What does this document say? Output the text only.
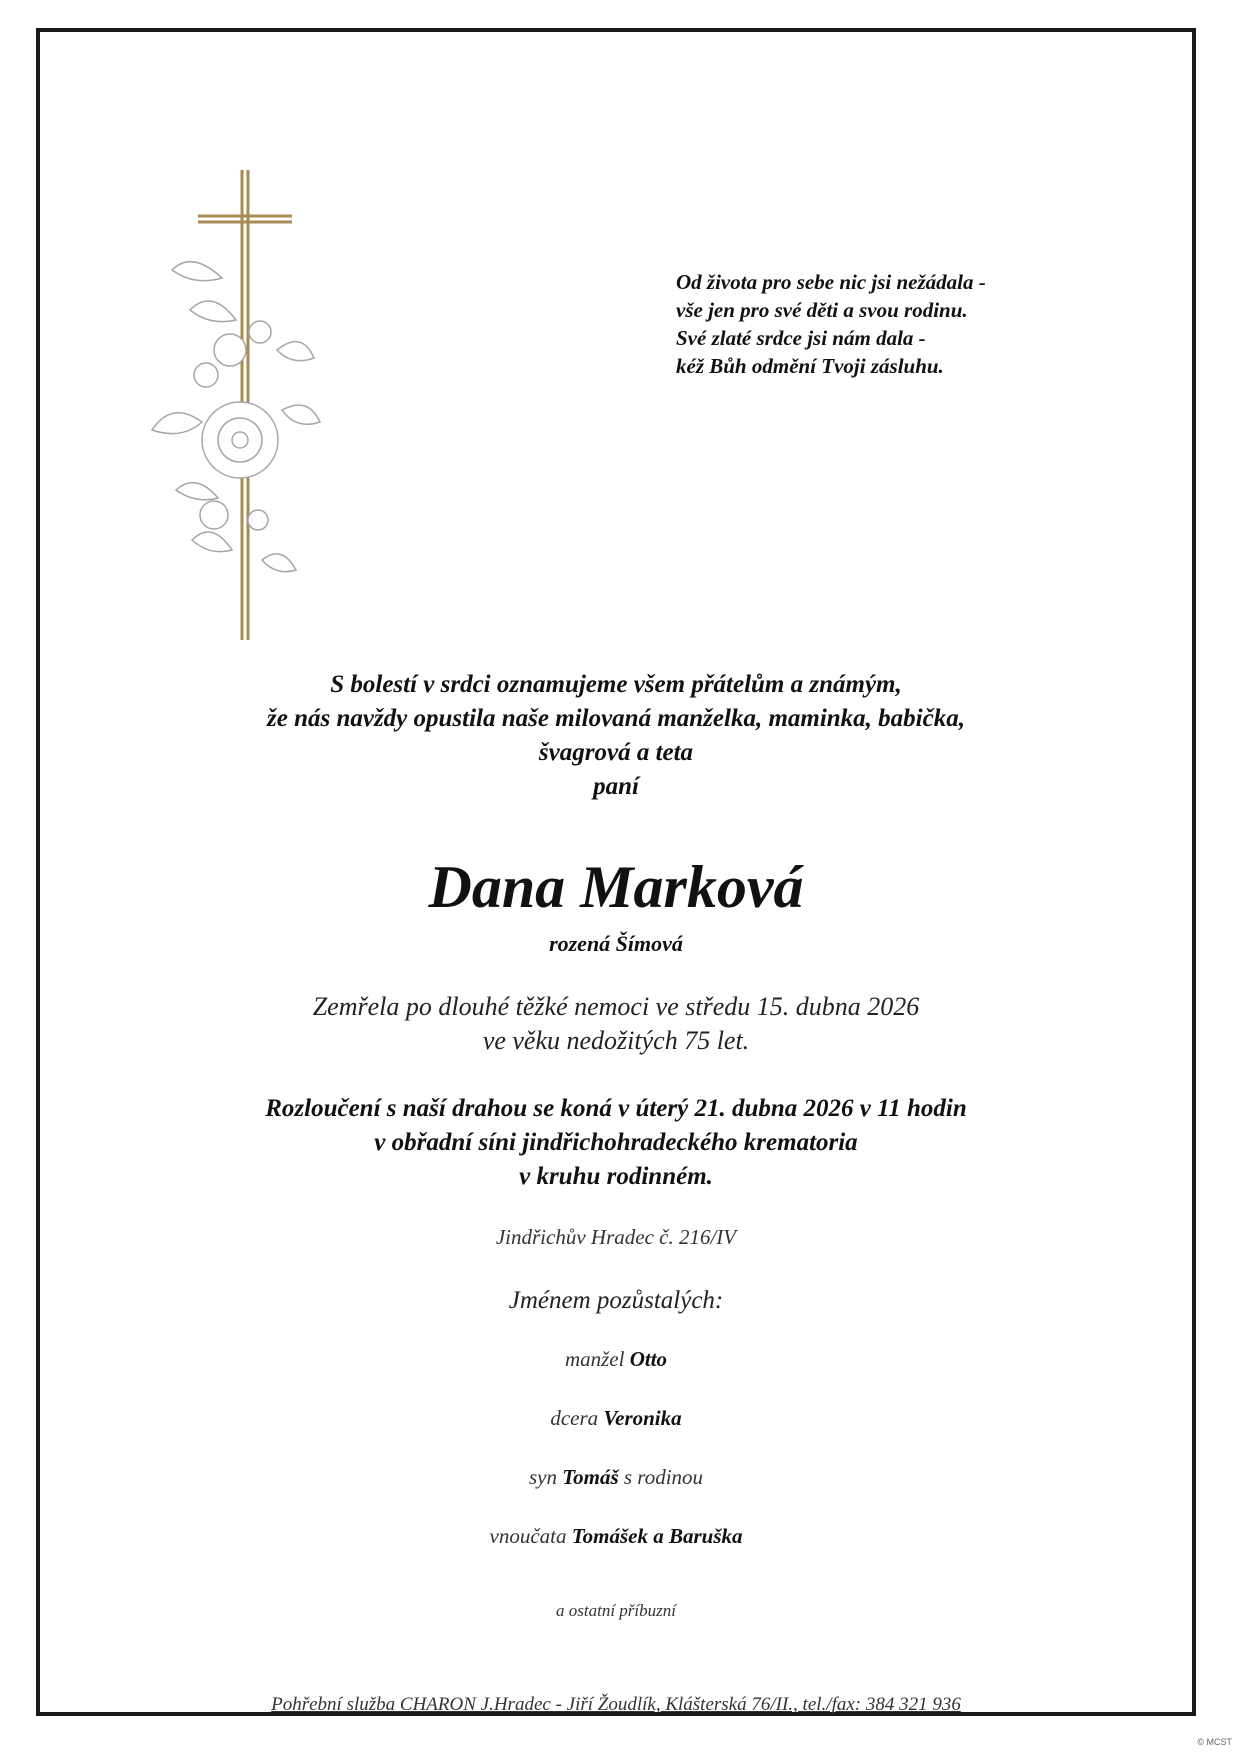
Od života pro sebe nic jsi nežádala -
vše jen pro své děti a svou rodinu.
Své zlaté srdce jsi nám dala -
kéž Bůh odmění Tvoji zásluhu.
S bolestí v srdci oznamujeme všem přátelům a známým,
že nás navždy opustila naše milovaná manželka, maminka, babička,
švagrová a teta
paní
Dana Marková
rozená Šímová
Zemřela po dlouhé těžké nemoci ve středu 15. dubna 2026
ve věku nedožitých 75 let.
Rozloučení s naší drahou se koná v úterý 21. dubna 2026 v 11 hodin
v obřadní síni jindřichohradeckého krematoria
v kruhu rodinném.
Jindřichův Hradec č. 216/IV
Jménem pozůstalých:
manžel Otto
dcera Veronika
syn Tomáš s rodinou
vnoučata Tomášek a Baruška
a ostatní příbuzní
Pohřební služba CHARON J.Hradec - Jiří Žoudlík, Klášterská 76/II., tel./fax: 384 321 936
© MCST
